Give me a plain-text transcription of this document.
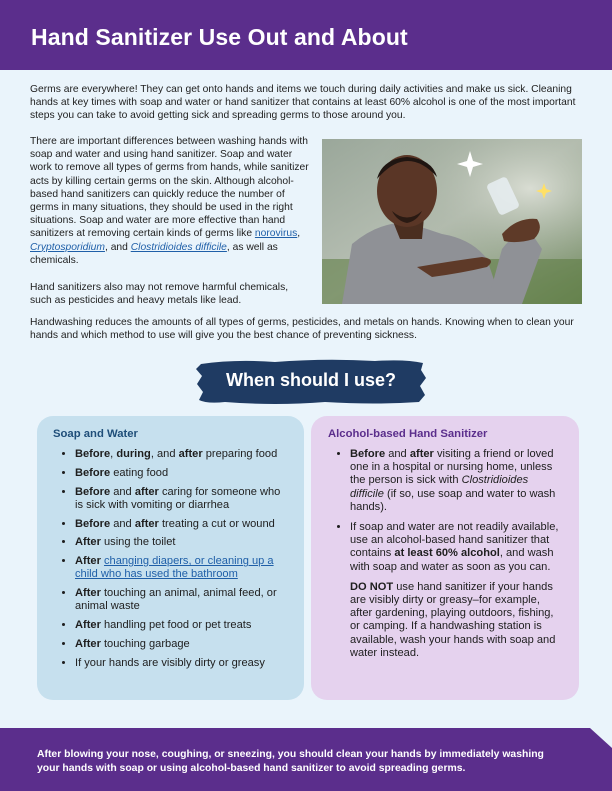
Hand Sanitizer Use Out and About

Germs are everywhere! They can get onto hands and items we touch during daily activities and make us sick. Cleaning hands at key times with soap and water or hand sanitizer that contains at least 60% alcohol is one of the most important steps you can take to avoid getting sick and spreading germs to those around you.

There are important differences between washing hands with soap and water and using hand sanitizer. Soap and water work to remove all types of germs from hands, while sanitizer acts by killing certain germs on the skin. Although alcohol-based hand sanitizers can quickly reduce the number of germs in many situations, they should be used in the right situations. Soap and water are more effective than hand sanitizers at removing certain kinds of germs like norovirus, Cryptosporidium, and Clostridioides difficile, as well as chemicals.

Hand sanitizers also may not remove harmful chemicals, such as pesticides and heavy metals like lead.

Handwashing reduces the amounts of all types of germs, pesticides, and metals on hands. Knowing when to clean your hands and which method to use will give you the best chance of preventing sickness.

When should I use?
Soap and Water
• Before, during, and after preparing food
• Before eating food
• Before and after caring for someone who is sick with vomiting or diarrhea
• Before and after treating a cut or wound
• After using the toilet
• After changing diapers, or cleaning up a child who has used the bathroom
• After touching an animal, animal feed, or animal waste
• After handling pet food or pet treats
• After touching garbage
• If your hands are visibly dirty or greasy
Alcohol-based Hand Sanitizer
• Before and after visiting a friend or loved one in a hospital or nursing home, unless the person is sick with Clostridioides difficile (if so, use soap and water to wash hands).
• If soap and water are not readily available, use an alcohol-based hand sanitizer that contains at least 60% alcohol, and wash with soap and water as soon as you can.

DO NOT use hand sanitizer if your hands are visibly dirty or greasy–for example, after gardening, playing outdoors, fishing, or camping. If a handwashing station is available, wash your hands with soap and water instead.

After blowing your nose, coughing, or sneezing, you should clean your hands by immediately washing your hands with soap or using alcohol-based hand sanitizer to avoid spreading germs.
